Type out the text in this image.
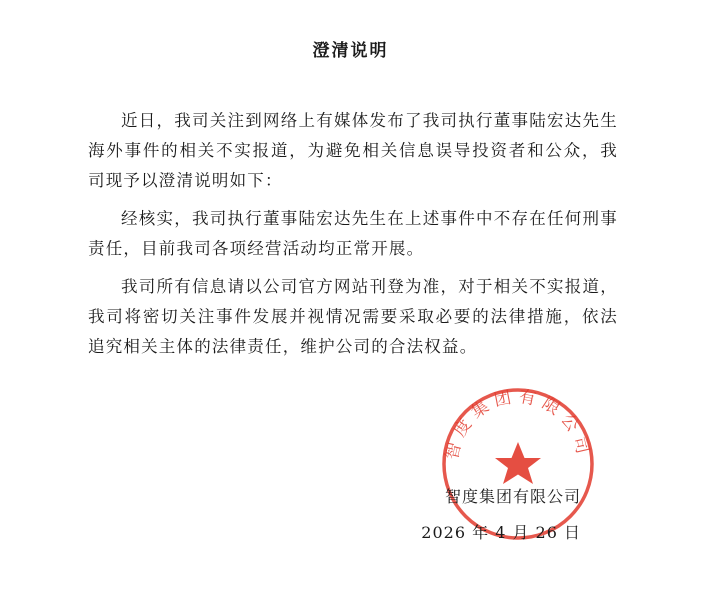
澄清说明

近日，我司关注到网络上有媒体发布了我司执行董事陆宏达先生海外事件的相关不实报道，为避免相关信息误导投资者和公众，我司现予以澄清说明如下：

经核实，我司执行董事陆宏达先生在上述事件中不存在任何刑事责任，目前我司各项经营活动均正常开展。

我司所有信息请以公司官方网站刊登为准，对于相关不实报道，我司将密切关注事件发展并视情况需要采取必要的法律措施，依法追究相关主体的法律责任，维护公司的合法权益。

智度集团有限公司
智度集团有限公司
2026 年 4 月 26 日
